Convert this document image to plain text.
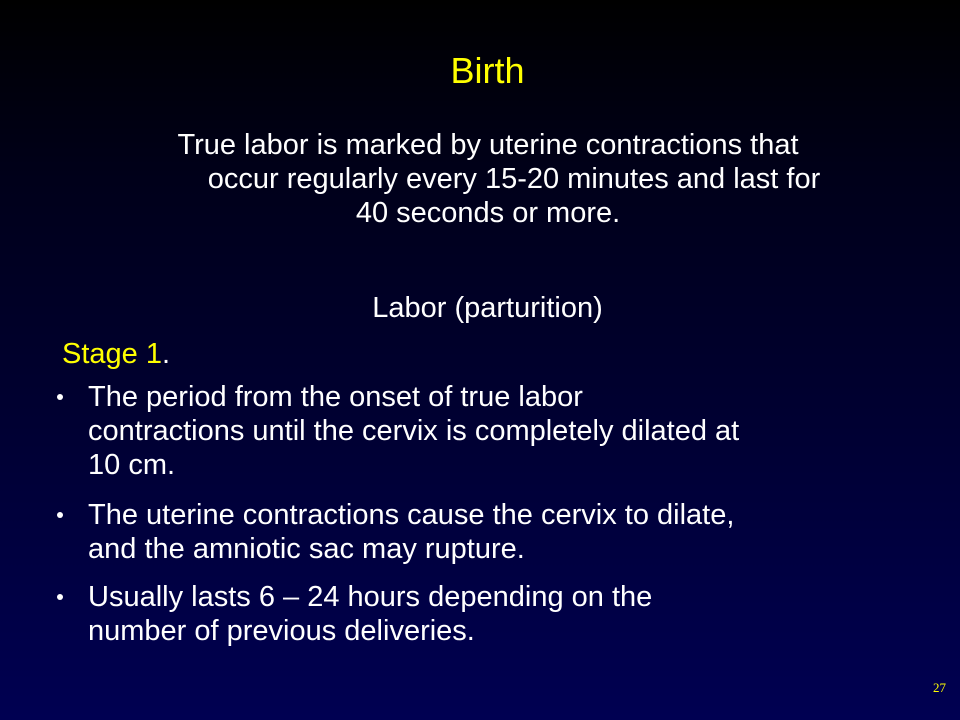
Birth
True labor is marked by uterine contractions that
occur regularly every 15-20 minutes and last for
40 seconds or more.
Labor (parturition)
Stage 1.
The period from the onset of true labor
contractions until the cervix is completely dilated at
10 cm.
The uterine contractions cause the cervix to dilate,
and the amniotic sac may rupture.
Usually lasts 6 – 24 hours depending on the
number of previous deliveries.
27
